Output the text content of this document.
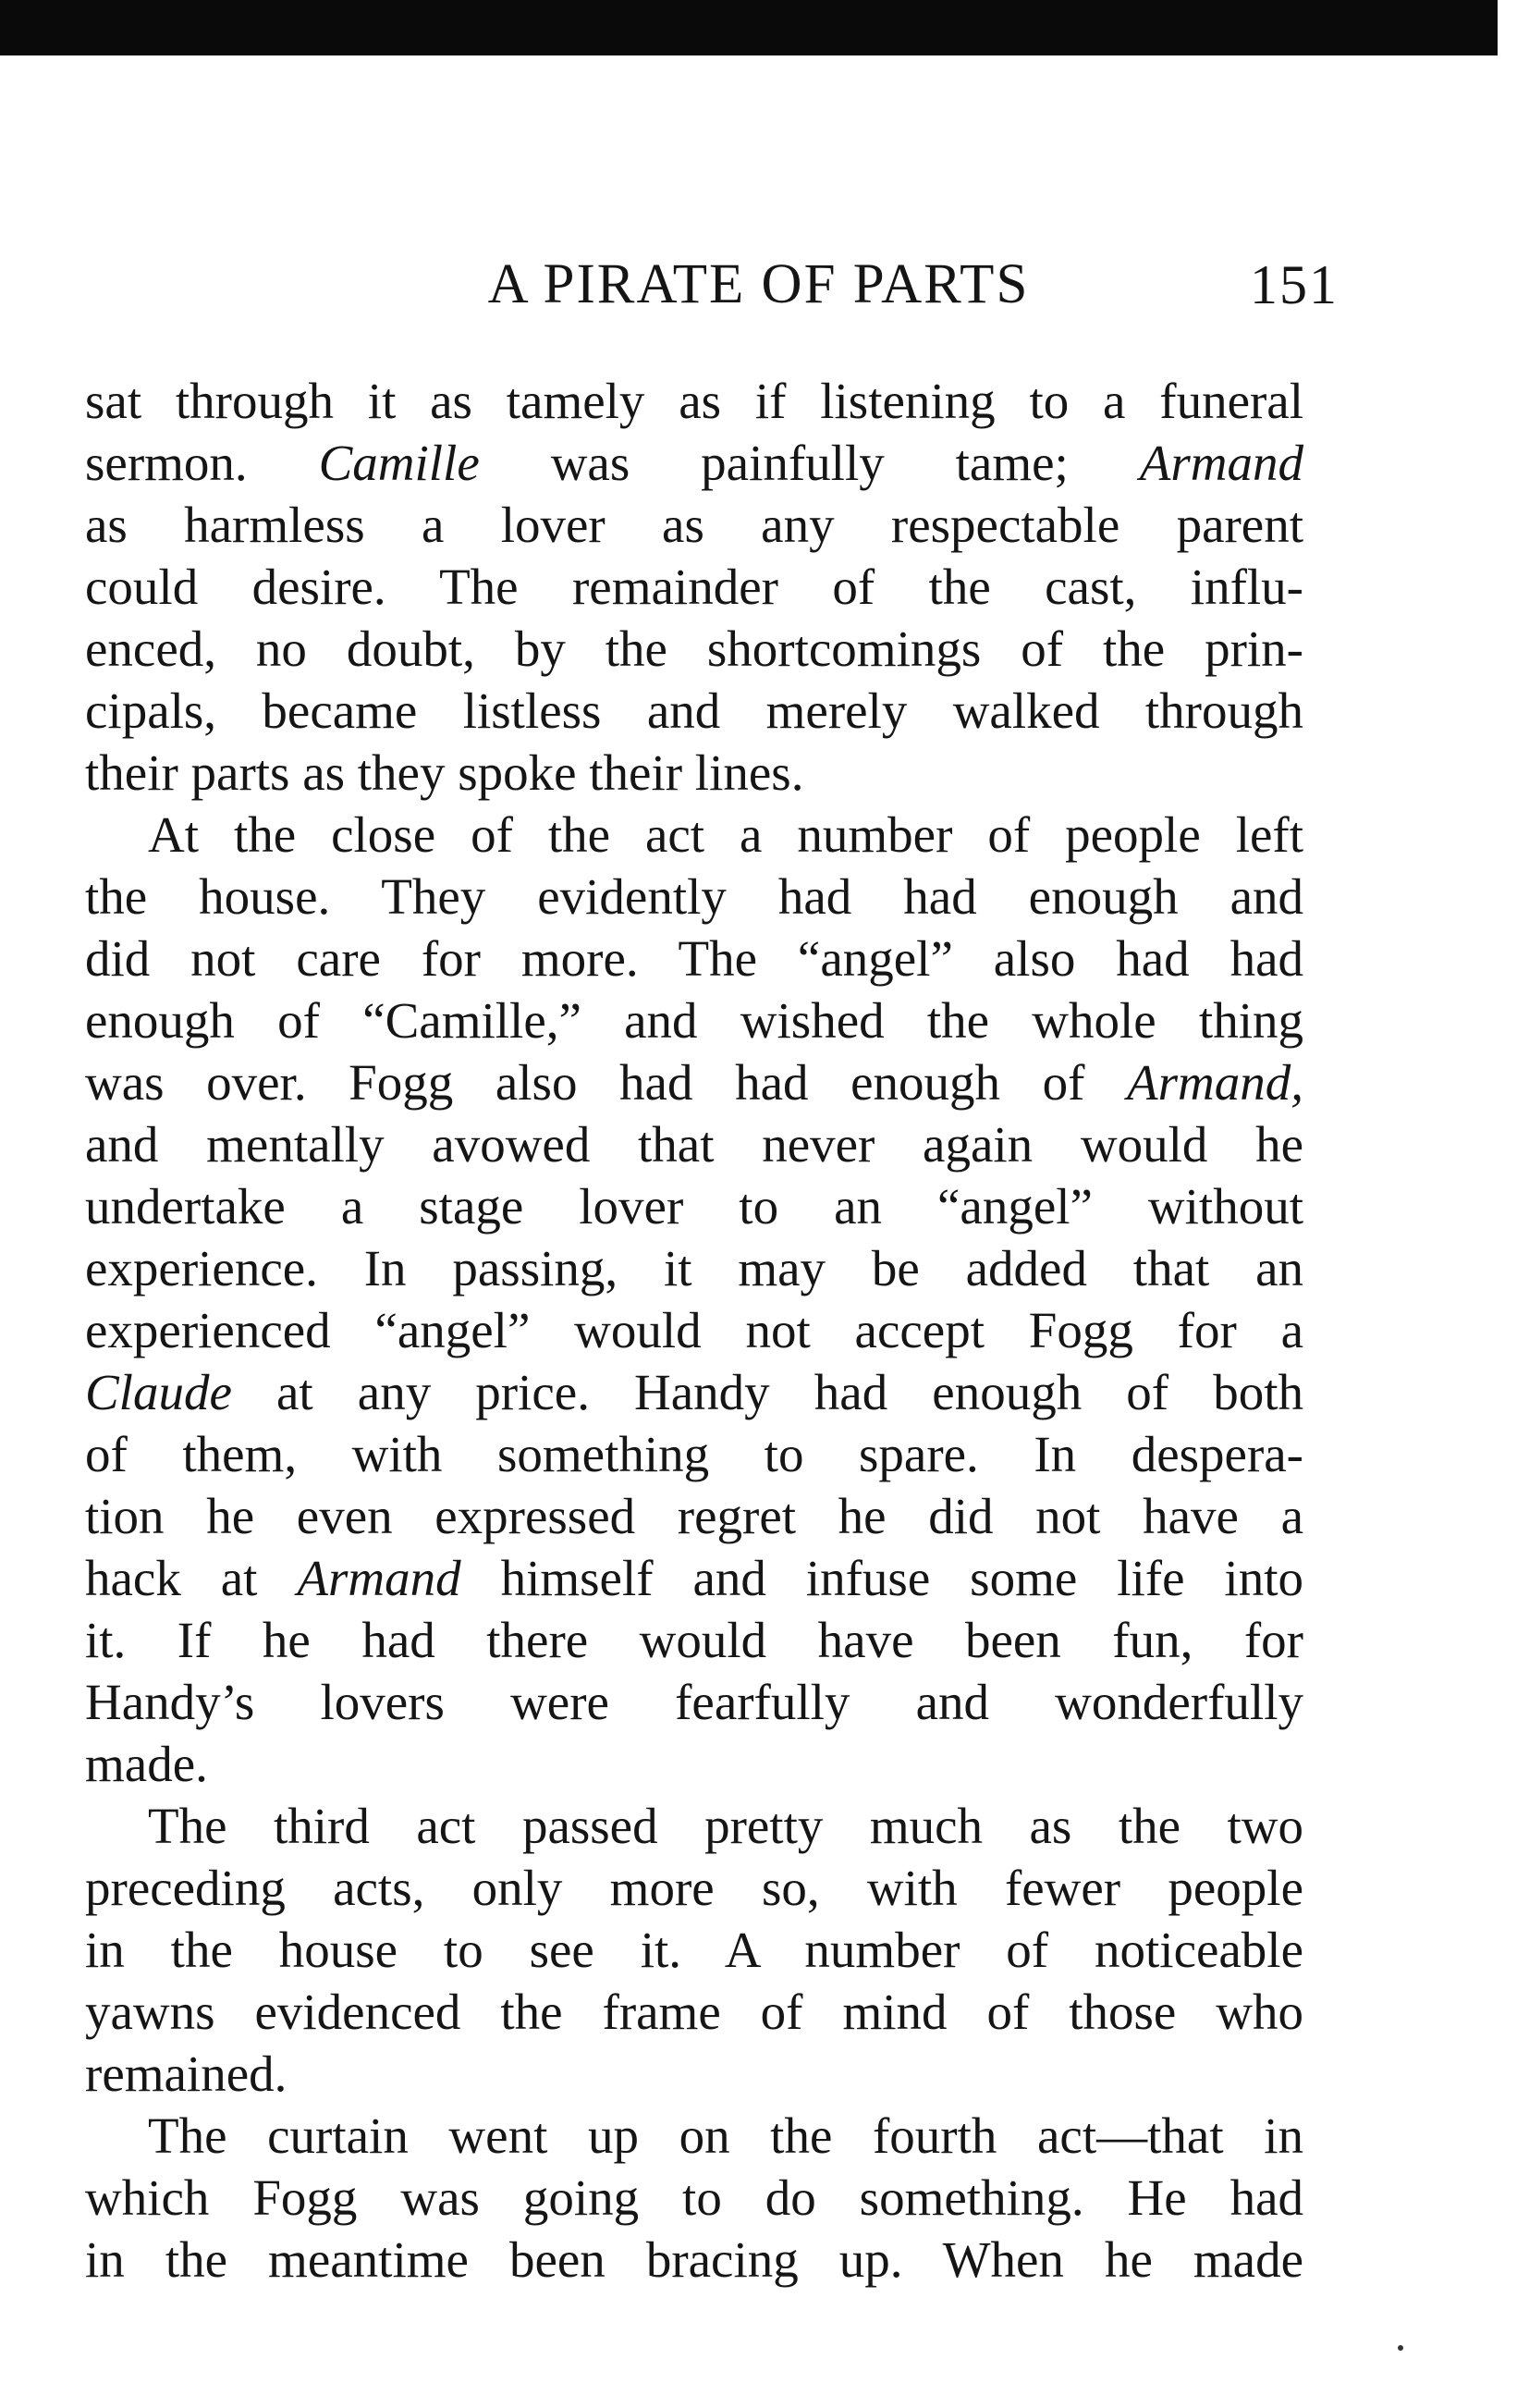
A PIRATE OF PARTS	151
sat through it as tamely as if listening to a funeral
sermon. Camille was painfully tame; Armand
as harmless a lover as any respectable parent
could desire. The remainder of the cast, influ-
enced, no doubt, by the shortcomings of the prin-
cipals, became listless and merely walked through
their parts as they spoke their lines.
At the close of the act a number of people left
the house. They evidently had had enough and
did not care for more. The “angel” also had had
enough of “Camille,” and wished the whole thing
was over. Fogg also had had enough of Armand,
and mentally avowed that never again would he
undertake a stage lover to an “angel” without
experience. In passing, it may be added that an
experienced “angel” would not accept Fogg for a
Claude at any price. Handy had enough of both
of them, with something to spare. In despera-
tion he even expressed regret he did not have a
hack at Armand himself and infuse some life into
it. If he had there would have been fun, for
Handy’s lovers were fearfully and wonderfully
made.
The third act passed pretty much as the two
preceding acts, only more so, with fewer people
in the house to see it. A number of noticeable
yawns evidenced the frame of mind of those who
remained.
The curtain went up on the fourth act—that in
which Fogg was going to do something. He had
in the meantime been bracing up. When he made
